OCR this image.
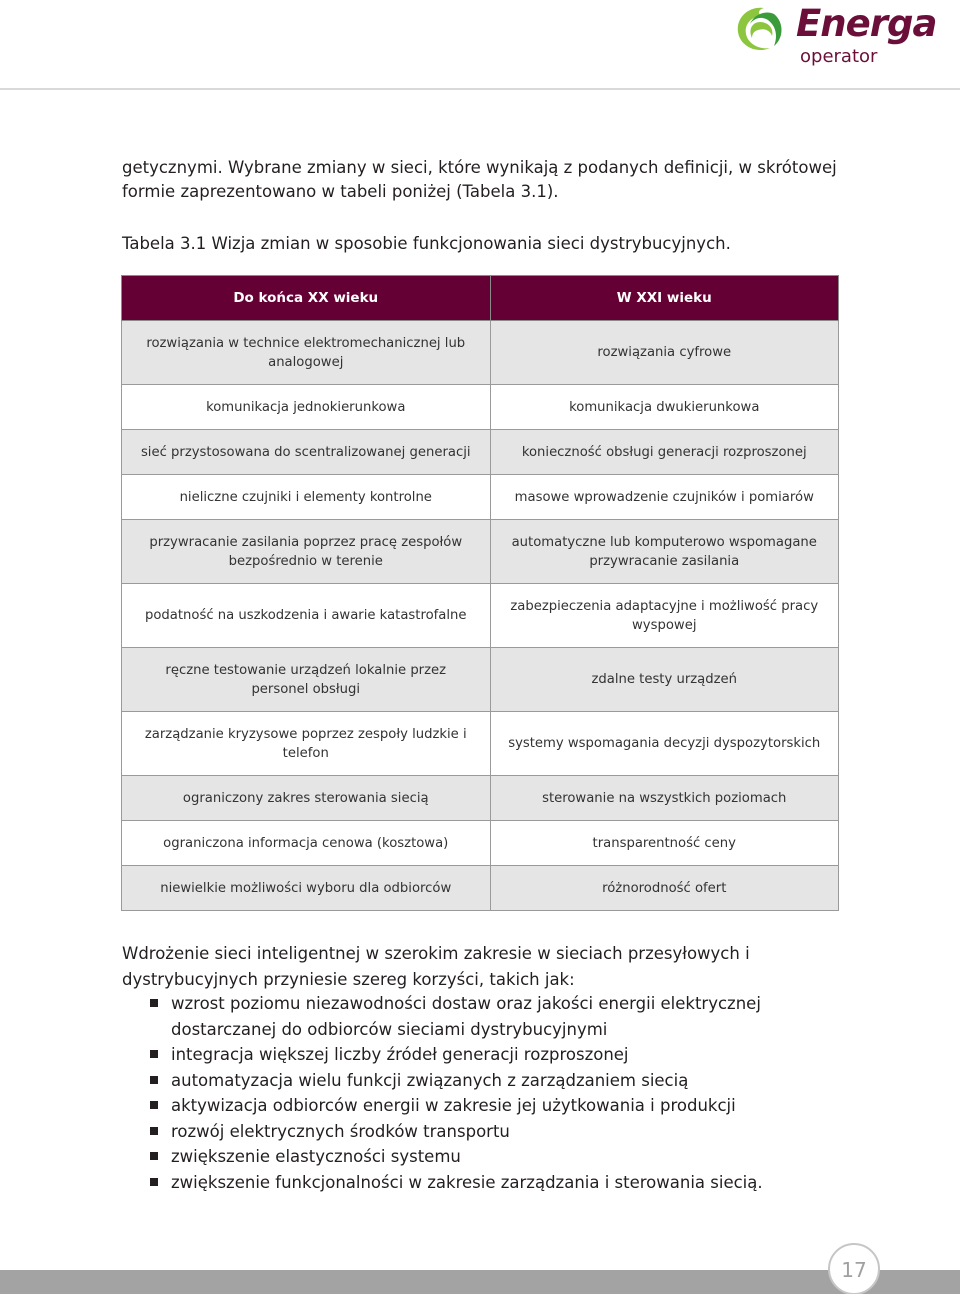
Energa
operator

getycznymi. Wybrane zmiany w sieci, które wynikają z podanych definicji, w skrótowej formie zaprezentowano w tabeli poniżej (Tabela 3.1).

Tabela 3.1 Wizja zmian w sposobie funkcjonowania sieci dystrybucyjnych.

Do końca XX wieku	W XXI wieku
rozwiązania w technice elektromechanicznej lub analogowej	rozwiązania cyfrowe
komunikacja jednokierunkowa	komunikacja dwukierunkowa
sieć przystosowana do scentralizowanej generacji	konieczność obsługi generacji rozproszonej
nieliczne czujniki i elementy kontrolne	masowe wprowadzenie czujników i pomiarów
przywracanie zasilania poprzez pracę zespołów bezpośrednio w terenie	automatyczne lub komputerowo wspomagane przywracanie zasilania
podatność na uszkodzenia i awarie katastrofalne	zabezpieczenia adaptacyjne i możliwość pracy wyspowej
ręczne testowanie urządzeń lokalnie przez personel obsługi	zdalne testy urządzeń
zarządzanie kryzysowe poprzez zespoły ludzkie i telefon	systemy wspomagania decyzji dyspozytorskich
ograniczony zakres sterowania siecią	sterowanie na wszystkich poziomach
ograniczona informacja cenowa (kosztowa)	transparentność ceny
niewielkie możliwości wyboru dla odbiorców	różnorodność ofert

Wdrożenie sieci inteligentnej w szerokim zakresie w sieciach przesyłowych i dystrybucyjnych przyniesie szereg korzyści, takich jak:

wzrost poziomu niezawodności dostaw oraz jakości energii elektrycznej dostarczanej do odbiorców sieciami dystrybucyjnymi
integracja większej liczby źródeł generacji rozproszonej
automatyzacja wielu funkcji związanych z zarządzaniem siecią
aktywizacja odbiorców energii w zakresie jej użytkowania i produkcji
rozwój elektrycznych środków transportu
zwiększenie elastyczności systemu
zwiększenie funkcjonalności w zakresie zarządzania i sterowania siecią.
17
